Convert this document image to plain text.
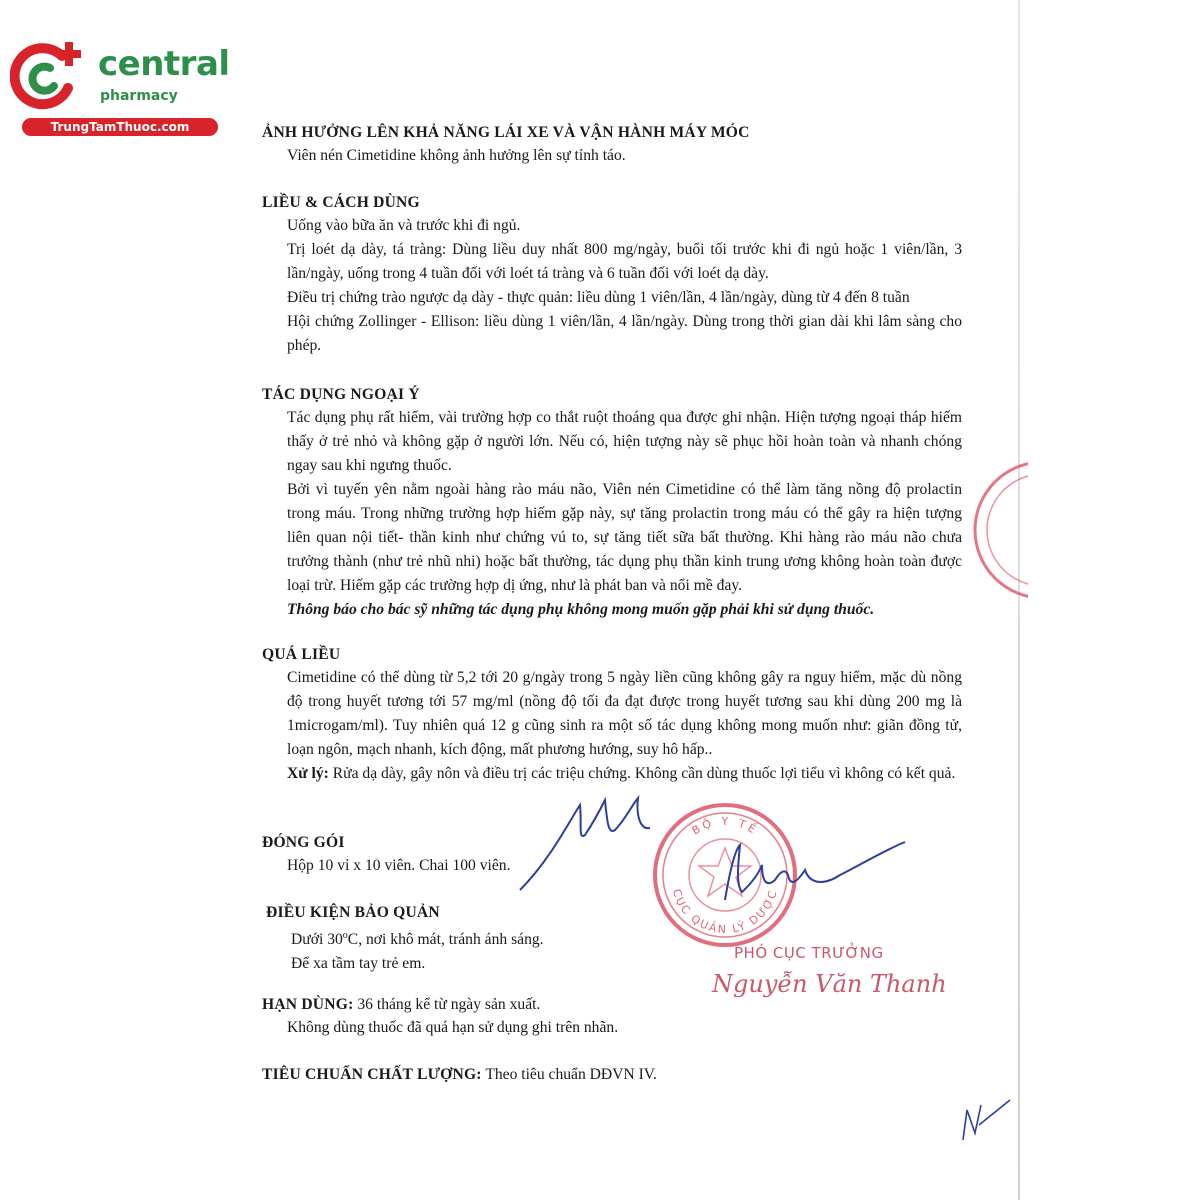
central
pharmacy
TrungTamThuoc.com	ẢNH HƯỞNG LÊN KHẢ NĂNG LÁI XE VÀ VẬN HÀNH MÁY MÓC
Viên nén Cimetidine không ảnh hưởng lên sự tỉnh táo.
LIỀU & CÁCH DÙNG
Uống vào bữa ăn và trước khi đi ngủ.
Trị loét dạ dày, tá tràng: Dùng liều duy nhất 800 mg/ngày, buổi tối trước khi đi ngủ hoặc 1 viên/lần, 3 lần/ngày, uống trong 4 tuần đối với loét tá tràng và 6 tuần đối với loét dạ dày.
Điều trị chứng trào ngược dạ dày - thực quản: liều dùng 1 viên/lần, 4 lần/ngày, dùng từ 4 đến 8 tuần
Hội chứng Zollinger - Ellison: liều dùng 1 viên/lần, 4 lần/ngày. Dùng trong thời gian dài khi lâm sàng cho phép.
TÁC DỤNG NGOẠI Ý
Tác dụng phụ rất hiếm, vài trường hợp co thắt ruột thoáng qua được ghi nhận. Hiện tượng ngoại tháp hiếm thấy ở trẻ nhỏ và không gặp ở người lớn. Nếu có, hiện tượng này sẽ phục hồi hoàn toàn và nhanh chóng ngay sau khi ngưng thuốc.
Bởi vì tuyến yên nằm ngoài hàng rào máu não, Viên nén Cimetidine có thể làm tăng nồng độ prolactin trong máu. Trong những trường hợp hiếm gặp này, sự tăng prolactin trong máu có thể gây ra hiện tượng liên quan nội tiết- thần kinh như chứng vú to, sự tăng tiết sữa bất thường. Khi hàng rào máu não chưa trưởng thành (như trẻ nhũ nhi) hoặc bất thường, tác dụng phụ thần kinh trung ương không hoàn toàn được loại trừ. Hiếm gặp các trường hợp dị ứng, như là phát ban và nổi mề đay.
Thông báo cho bác sỹ những tác dụng phụ không mong muốn gặp phải khi sử dụng thuốc.
QUÁ LIỀU
Cimetidine có thể dùng từ 5,2 tới 20 g/ngày trong 5 ngày liền cũng không gây ra nguy hiểm, mặc dù nồng độ trong huyết tương tới 57 mg/ml (nồng độ tối đa đạt được trong huyết tương sau khi dùng 200 mg là 1microgam/ml). Tuy nhiên quá 12 g cũng sinh ra một số tác dụng không mong muốn như: giãn đồng tử, loạn ngôn, mạch nhanh, kích động, mất phương hướng, suy hô hấp..
Xử lý: Rửa dạ dày, gây nôn và điều trị các triệu chứng. Không cần dùng thuốc lợi tiểu vì không có kết quả.
ĐÓNG GÓI
Hộp 10 vỉ x 10 viên. Chai 100 viên.
ĐIỀU KIỆN BẢO QUẢN
Dưới 30$^o$C, nơi khô mát, tránh ánh sáng.
Để xa tầm tay trẻ em.
HẠN DÙNG: 36 tháng kể từ ngày sản xuất.
Không dùng thuốc đã quá hạn sử dụng ghi trên nhãn.
TIÊU CHUẨN CHẤT LƯỢNG: Theo tiêu chuẩn DĐVN IV.
BỘ Y TẾ
CỤC QUẢN LÝ DƯỢC
PHÓ CỤC TRƯỞNG
Nguyễn Văn Thanh
